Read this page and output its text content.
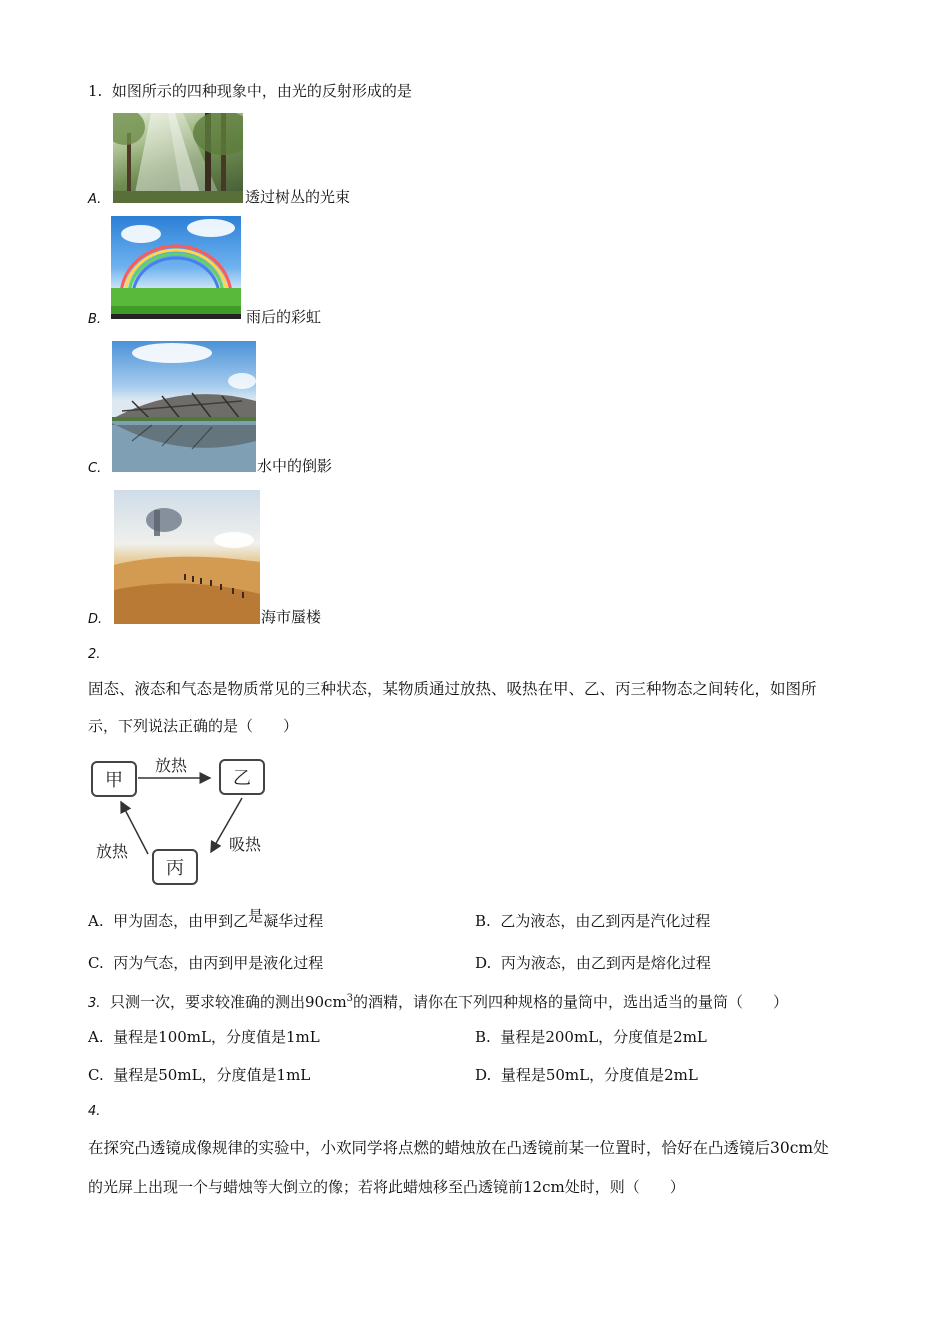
1. 如图所示的四种现象中，由光的反射形成的是
A.	透过树丛的光束
B.	雨后的彩虹
C.	水中的倒影
D.	海市蜃楼
2.
固态、液态和气态是物质常见的三种状态，某物质通过放热、吸热在甲、乙、丙三种物态之间转化，如图所
示，下列说法正确的是（　　）
甲	乙
丙
放热
吸热
放热
A. 甲为固态，由甲到乙是凝华过程	B. 乙为液态，由乙到丙是汽化过程
C. 丙为气态，由丙到甲是液化过程	D. 丙为液态，由乙到丙是熔化过程
3. 只测一次，要求较准确的测出$90cm^3$的酒精，请你在下列四种规格的量筒中，选出适当的量筒（　　）
A. 量程是100mL，分度值是1mL	B. 量程是200mL，分度值是2mL
C. 量程是50mL，分度值是1mL	D. 量程是50mL，分度值是2mL
4.
在探究凸透镜成像规律的实验中，小欢同学将点燃的蜡烛放在凸透镜前某一位置时，恰好在凸透镜后30cm处
的光屏上出现一个与蜡烛等大倒立的像；若将此蜡烛移至凸透镜前12cm处时，则（　　）
